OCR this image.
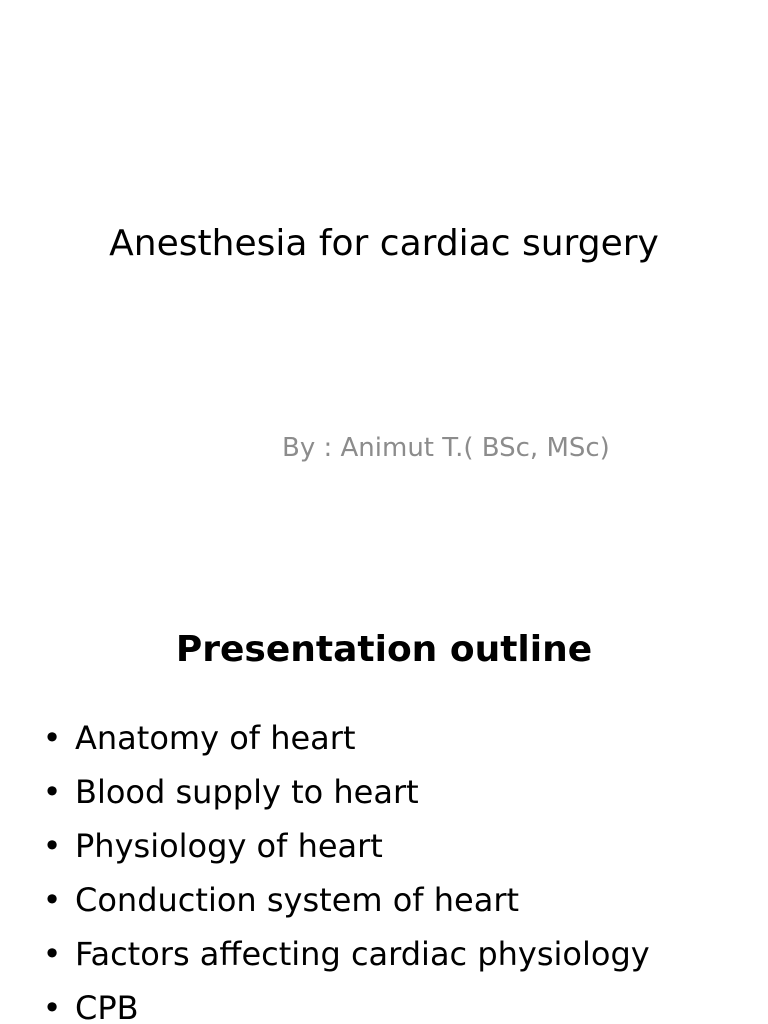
Anesthesia for cardiac surgery

By : Animut T.( BSc, MSc)

Presentation outline
• Anatomy of heart
• Blood supply to heart
• Physiology of heart
• Conduction system of heart
• Factors affecting cardiac physiology
• CPB
